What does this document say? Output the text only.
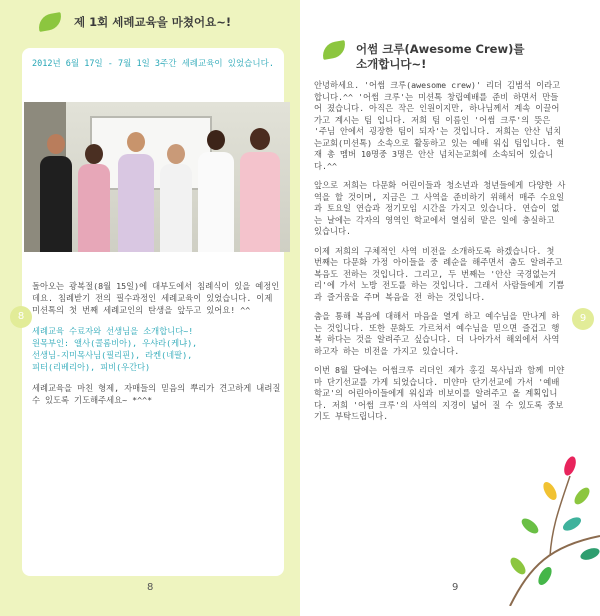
제 1회 세례교육을 마쳤어요~!
2012년 6월 17일 - 7월 1일 3주간 세례교육이 있었습니다.
8

돌아오는 광복절(8월 15일)에 대부도에서 침례식이 있을 예정인데요. 침례받기 전의 필수과정인 세례교육이 있었습니다. 이제 미션톡의 첫 번째 세례교인의 탄생을 앞두고 있어요! ^^

세례교육 수료자와 선생님을 소개합니다~!
원목부인: 앨사(콜롬비아), 우샤라(케냐),
선생님-지미목사님(필리핀), 라켄(네팔),
피터(리베리아), 피비(우간다)

세례교육을 마친 형제, 자매들의 믿음의 뿌리가 견고하게 내려질 수 있도록 기도해주세요~ *^^*

8
어썸 크루(Awesome Crew)를
소개합니다~!

안녕하세요. '어썸 크루(awesome crew)' 리더 김범석 이라고 합니다.^^ '어썸 크루'는 미션톡 창립예배를 준비 하면서 만들어 졌습니다. 아직은 작은 인원이지만, 하나님께서 계속 이끌어 가고 계시는 팀 입니다. 저희 팀 이름인 '어썸 크루'의 뜻은 '주님 안에서 굉장한 팀이 되자'는 것입니다. 저희는 안산 넘치는교회(미션톡) 소속으로 활동하고 있는 예배 워십 팀입니다. 현재 총 멤버 10명중 3명은 안산 넘치는교회에 소속되어 있습니다.^^

앞으로 저희는 다문화 어린이들과 청소년과 청년들에게 다양한 사역을 할 것이며, 지금은 그 사역을 준비하기 위해서 매주 수요일과 토요일 연습과 정기모임 시간을 가지고 있습니다. 연습이 없는 날에는 각자의 영역인 학교에서 열심히 맡은 일에 충실하고 있습니다.

이제 저희의 구체적인 사역 비전을 소개하도록 하겠습니다. 첫 번째는 다문화 가정 아이들을 중 례순을 해주면서 춤도 알려주고 복음도 전하는 것입니다. 그리고, 두 번째는 '안산 국경없는거리'에 가서 노방 전도를 하는 것입니다. 그래서 사람들에게 기쁨과 즐거움을 주며 복음을 전 하는 것입니다.

춤을 통해 복음에 대해서 마음을 열게 하고 예수님을 만나게 하는 것입니다. 또한 문화도 가르쳐서 예수님을 믿으면 즐겁고 행복 하다는 것을 알려주고 싶습니다. 더 나아가서 해외에서 사역하고자 하는 비전을 가지고 있습니다.

이번 8월 달에는 어썸크루 리더인 제가 홍길 목사님과 함께 미얀마 단기선교를 가게 되었습니다. 미얀마 단기선교에 가서 '예배학교'의 어린아이들에게 워십과 비보이를 알려주고 올 계획입니다. 저희 '어썸 크루'의 사역의 지경이 넓어 질 수 있도록 중보기도 부탁드립니다.

9
9
